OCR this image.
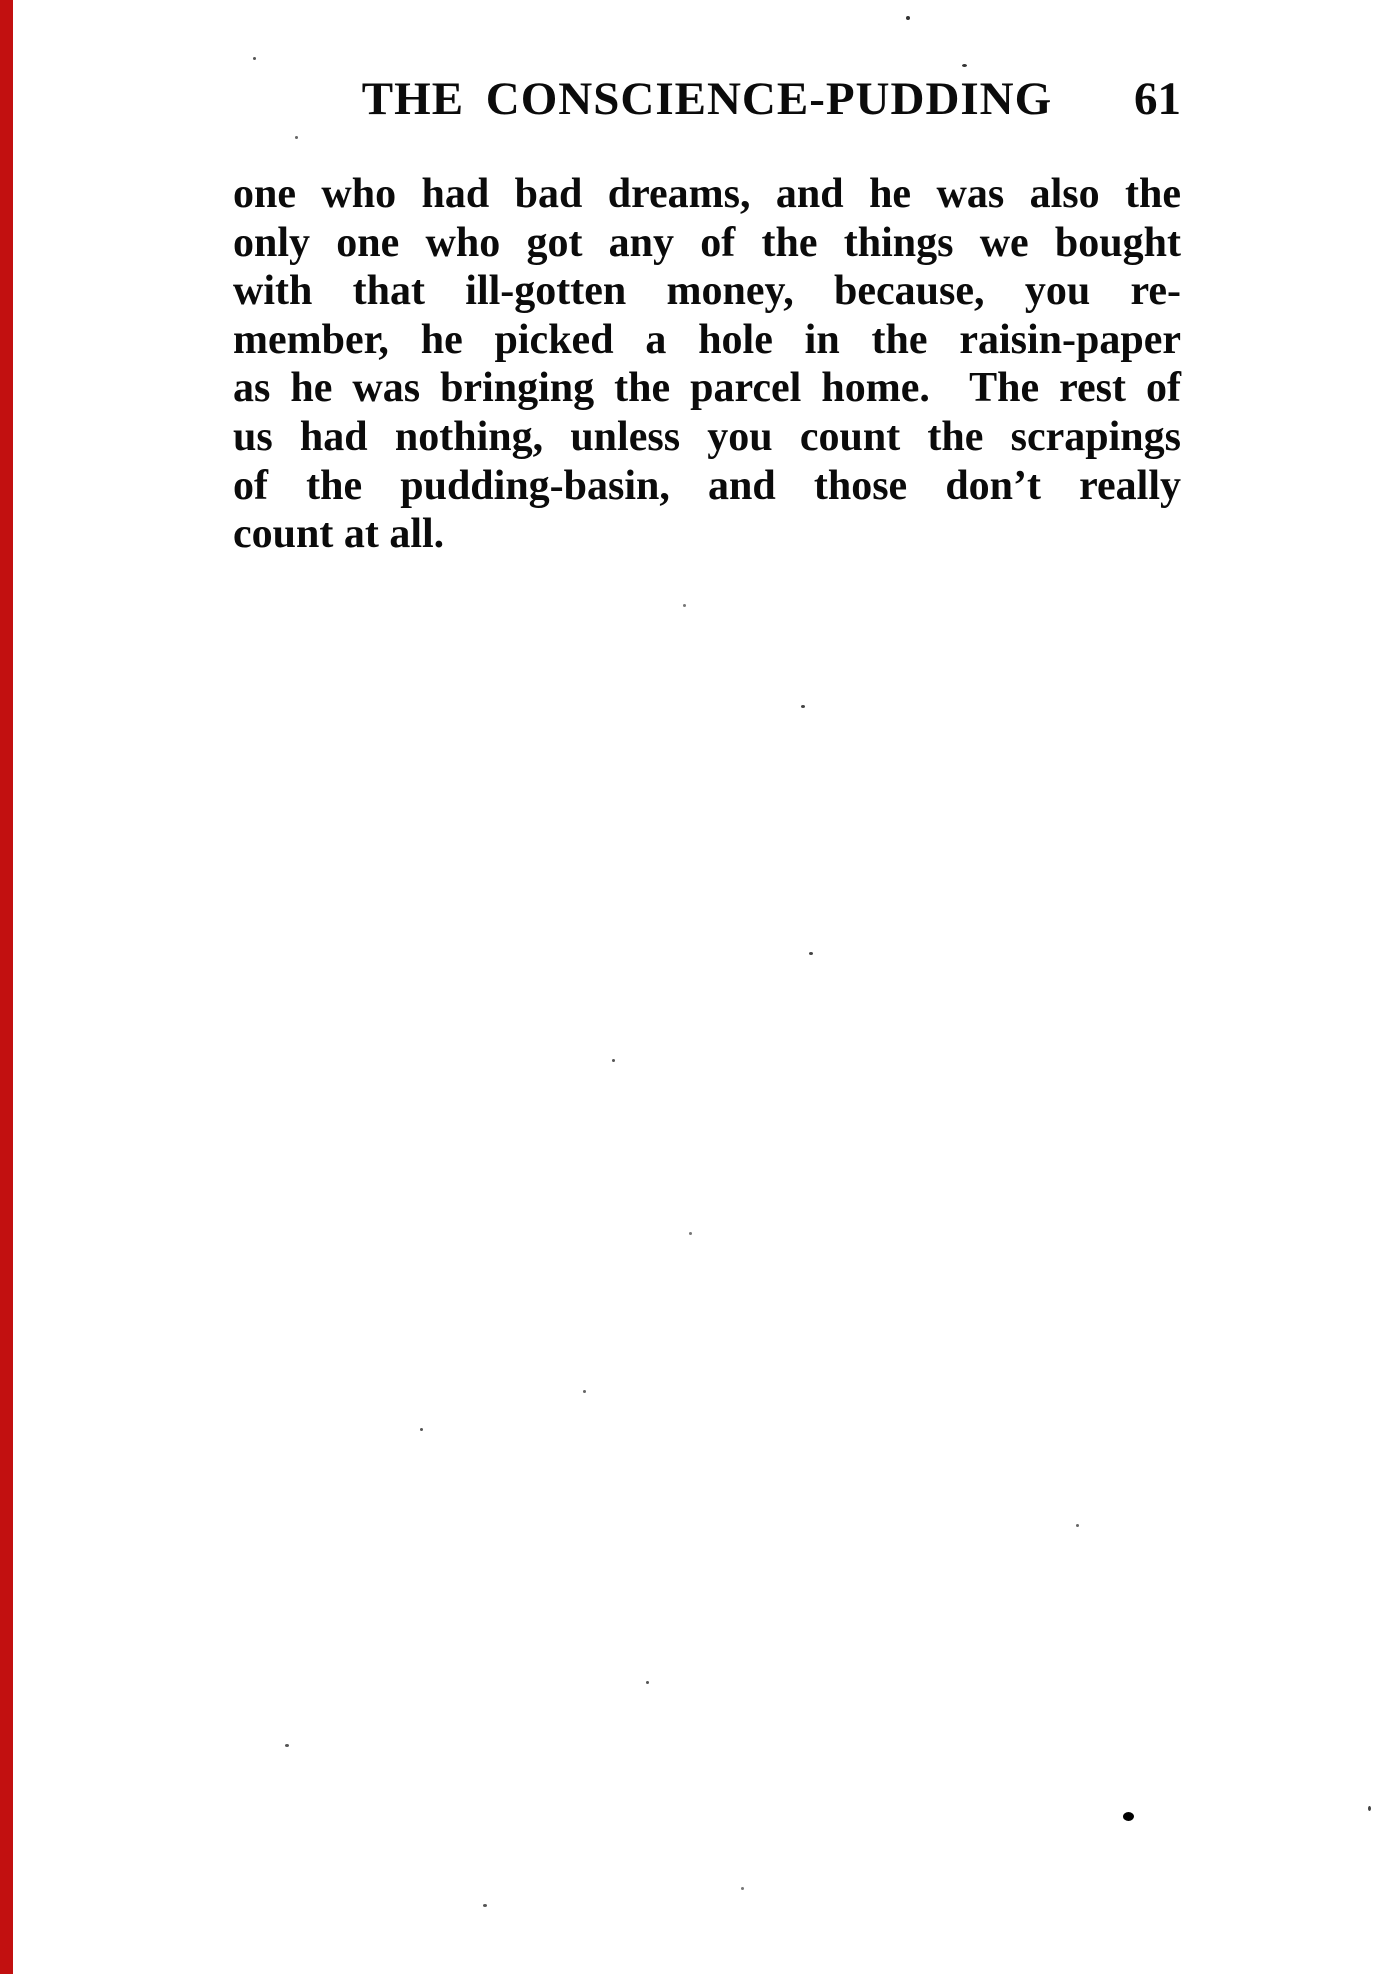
THE CONSCIENCE-PUDDING	61
one who had bad dreams, and he was also the
only one who got any of the things we bought
with that ill-gotten money, because, you re-
member, he picked a hole in the raisin-paper
as he was bringing the parcel home.  The rest of
us had nothing, unless you count the scrapings
of the pudding-basin, and those don’t really
count at all.
